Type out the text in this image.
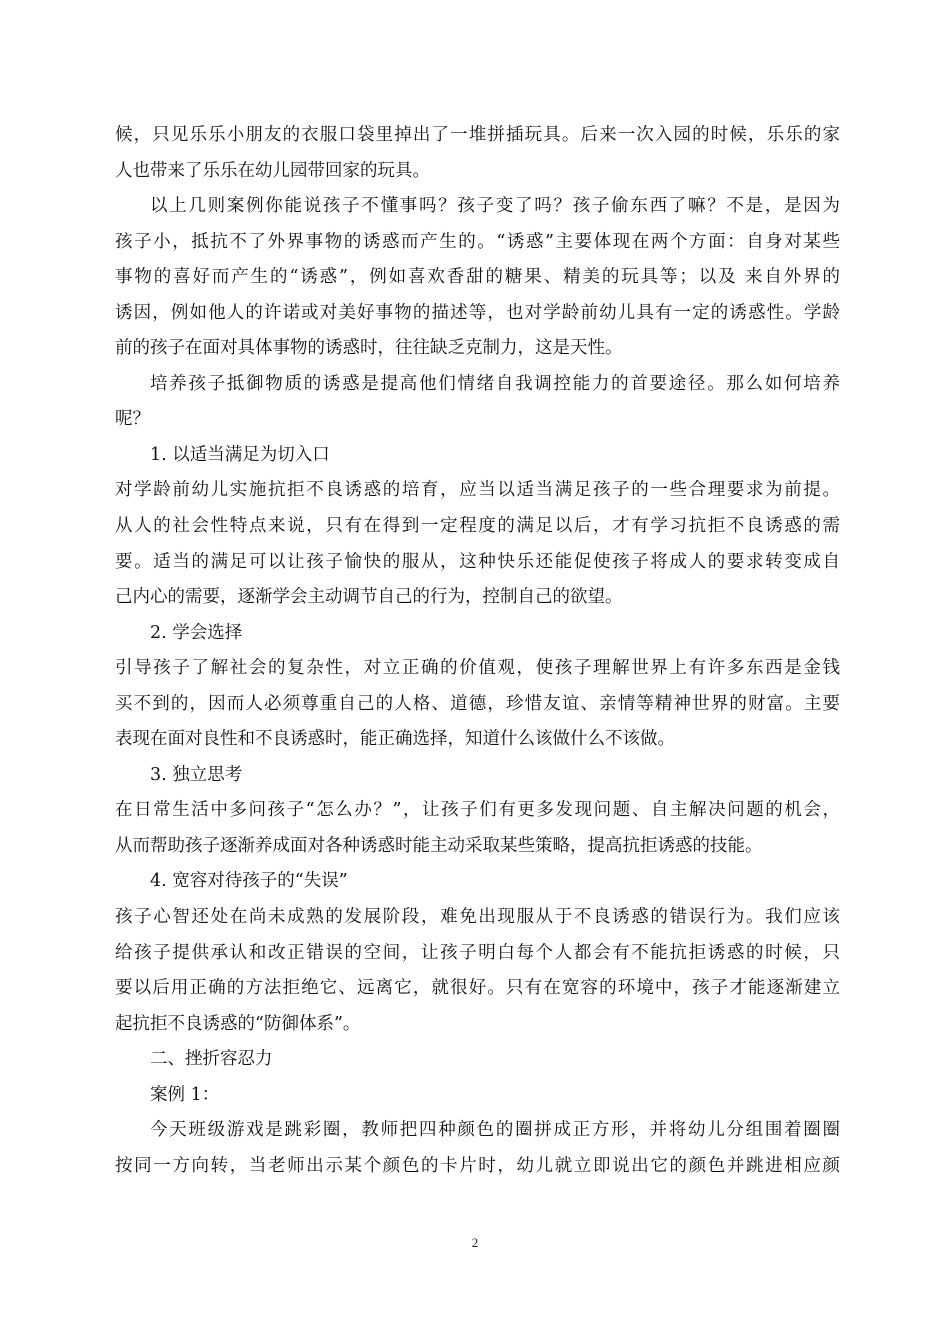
候，只见乐乐小朋友的衣服口袋里掉出了一堆拼插玩具。后来一次入园的时候，乐乐的家
人也带来了乐乐在幼儿园带回家的玩具。
以上几则案例你能说孩子不懂事吗？孩子变了吗？孩子偷东西了嘛？不是，是因为
孩子小，抵抗不了外界事物的诱惑而产生的。“诱惑”主要体现在两个方面：自身对某些
事物的喜好而产生的“诱惑”，例如喜欢香甜的糖果、精美的玩具等；以及 来自外界的
诱因，例如他人的许诺或对美好事物的描述等，也对学龄前幼儿具有一定的诱惑性。学龄
前的孩子在面对具体事物的诱惑时，往往缺乏克制力，这是天性。
培养孩子抵御物质的诱惑是提高他们情绪自我调控能力的首要途径。那么如何培养
呢？
1. 以适当满足为切入口
对学龄前幼儿实施抗拒不良诱惑的培育，应当以适当满足孩子的一些合理要求为前提。
从人的社会性特点来说，只有在得到一定程度的满足以后，才有学习抗拒不良诱惑的需
要。适当的满足可以让孩子愉快的服从，这种快乐还能促使孩子将成人的要求转变成自
己内心的需要，逐渐学会主动调节自己的行为，控制自己的欲望。
2. 学会选择
引导孩子了解社会的复杂性，对立正确的价值观，使孩子理解世界上有许多东西是金钱
买不到的，因而人必须尊重自己的人格、道德，珍惜友谊、亲情等精神世界的财富。主要
表现在面对良性和不良诱惑时，能正确选择，知道什么该做什么不该做。
3. 独立思考
在日常生活中多问孩子“怎么办？”，让孩子们有更多发现问题、自主解决问题的机会，
从而帮助孩子逐渐养成面对各种诱惑时能主动采取某些策略，提高抗拒诱惑的技能。
4. 宽容对待孩子的“失误”
孩子心智还处在尚未成熟的发展阶段，难免出现服从于不良诱惑的错误行为。我们应该
给孩子提供承认和改正错误的空间，让孩子明白每个人都会有不能抗拒诱惑的时候，只
要以后用正确的方法拒绝它、远离它，就很好。只有在宽容的环境中，孩子才能逐渐建立
起抗拒不良诱惑的“防御体系”。
二、挫折容忍力
案例 1：
今天班级游戏是跳彩圈，教师把四种颜色的圈拼成正方形，并将幼儿分组围着圈圈
按同一方向转，当老师出示某个颜色的卡片时，幼儿就立即说出它的颜色并跳进相应颜
2
